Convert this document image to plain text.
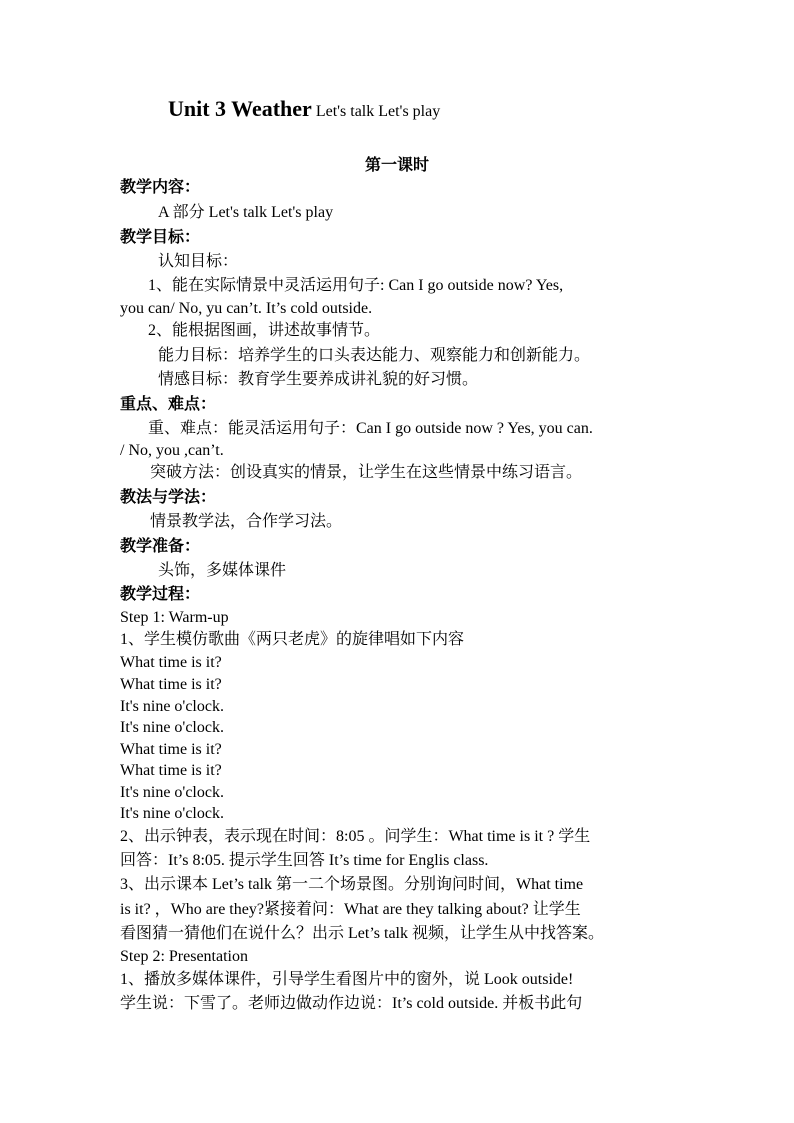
Unit 3 Weather Let's talk Let's play
第一课时
教学内容：
A 部分 Let's talk Let's play
教学目标：
认知目标：
1、能在实际情景中灵活运用句子: Can I go outside now? Yes,
you can/ No, yu can’t. It’s cold outside.
2、能根据图画，讲述故事情节。
能力目标：培养学生的口头表达能力、观察能力和创新能力。
情感目标：教育学生要养成讲礼貌的好习惯。
重点、难点：
重、难点：能灵活运用句子：Can I go outside now ? Yes, you can.
/ No, you ,can’t.
突破方法：创设真实的情景，让学生在这些情景中练习语言。
教法与学法：
情景教学法，合作学习法。
教学准备：
头饰，多媒体课件
教学过程：
Step 1: Warm-up
1、学生模仿歌曲《两只老虎》的旋律唱如下内容
What time is it?
What time is it?
It's nine o'clock.
It's nine o'clock.
What time is it?
What time is it?
It's nine o'clock.
It's nine o'clock.
2、出示钟表，表示现在时间：8:05 。问学生：What time is it ? 学生
回答：It’s 8:05. 提示学生回答 It’s time for Englis class.
3、出示课本 Let’s talk 第一二个场景图。分别询问时间，What time
is it? ，Who are they?紧接着问：What are they talking about? 让学生
看图猜一猜他们在说什么？出示 Let’s talk 视频，让学生从中找答案。
Step 2: Presentation
1、播放多媒体课件，引导学生看图片中的窗外，说 Look outside!
学生说：下雪了。老师边做动作边说：It’s cold outside. 并板书此句
